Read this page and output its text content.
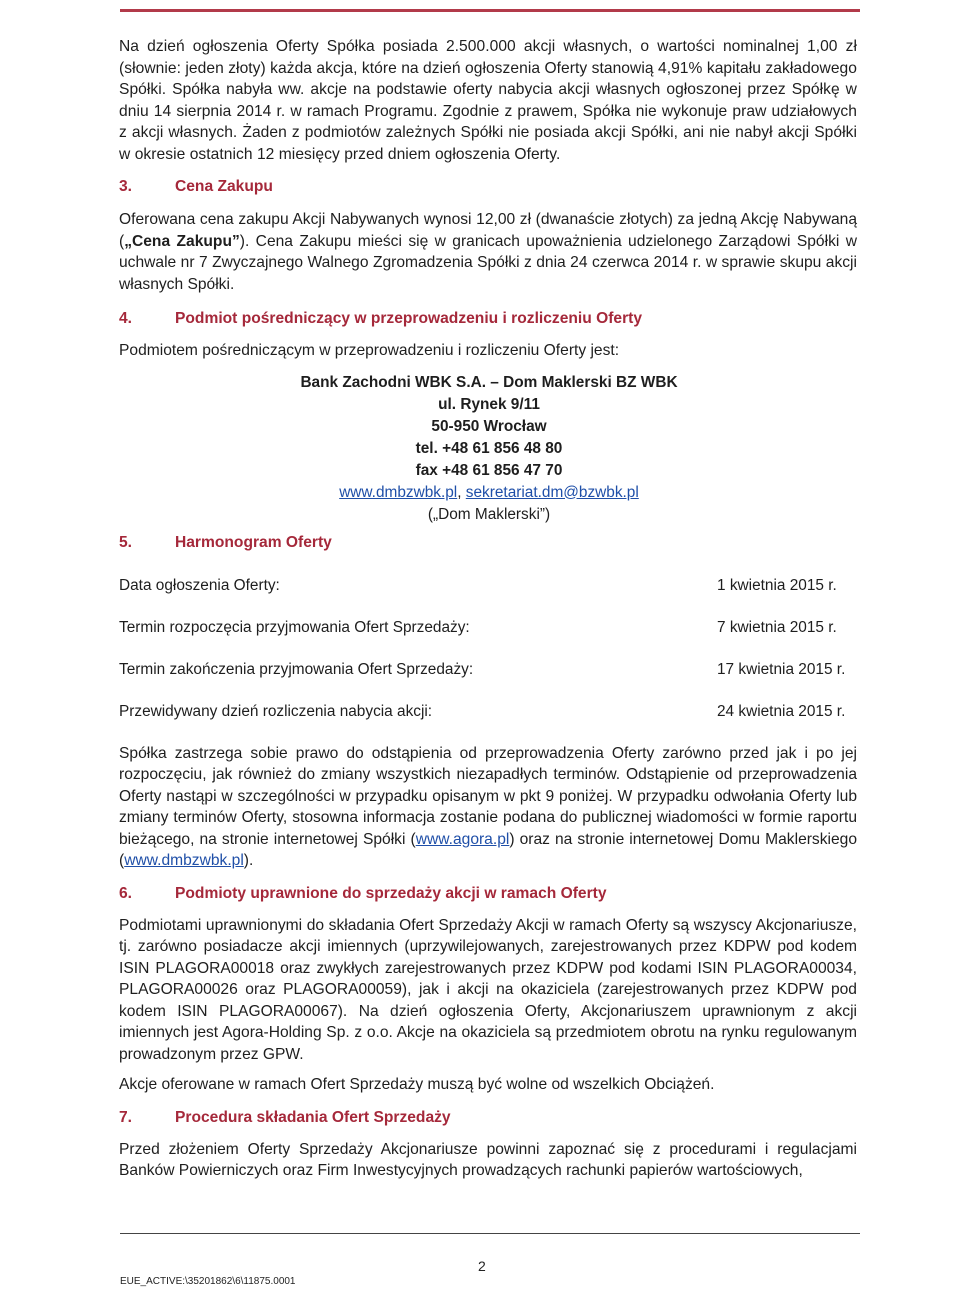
Na dzień ogłoszenia Oferty Spółka posiada 2.500.000 akcji własnych, o wartości nominalnej 1,00 zł (słownie: jeden złoty) każda akcja, które na dzień ogłoszenia Oferty stanowią 4,91% kapitału zakładowego Spółki. Spółka nabyła ww. akcje na podstawie oferty nabycia akcji własnych ogłoszonej przez Spółkę w dniu 14 sierpnia 2014 r. w ramach Programu. Zgodnie z prawem, Spółka nie wykonuje praw udziałowych z akcji własnych. Żaden z podmiotów zależnych Spółki nie posiada akcji Spółki, ani nie nabył akcji Spółki w okresie ostatnich 12 miesięcy przed dniem ogłoszenia Oferty.

3.	Cena Zakupu

Oferowana cena zakupu Akcji Nabywanych wynosi 12,00 zł (dwanaście złotych) za jedną Akcję Nabywaną („Cena Zakupu”). Cena Zakupu mieści się w granicach upoważnienia udzielonego Zarządowi Spółki w uchwale nr 7 Zwyczajnego Walnego Zgromadzenia Spółki z dnia 24 czerwca 2014 r. w sprawie skupu akcji własnych Spółki.

4.	Podmiot pośredniczący w przeprowadzeniu i rozliczeniu Oferty

Podmiotem pośredniczącym w przeprowadzeniu i rozliczeniu Oferty jest:

Bank Zachodni WBK S.A. – Dom Maklerski BZ WBK
ul. Rynek 9/11
50-950 Wrocław
tel. +48 61 856 48 80
fax +48 61 856 47 70
www.dmbzwbk.pl, sekretariat.dm@bzwbk.pl
(„Dom Maklerski”)
5.	Harmonogram Oferty
Data ogłoszenia Oferty:	1 kwietnia 2015 r.
Termin rozpoczęcia przyjmowania Ofert Sprzedaży:	7 kwietnia 2015 r.
Termin zakończenia przyjmowania Ofert Sprzedaży:	17 kwietnia 2015 r.
Przewidywany dzień rozliczenia nabycia akcji:	24 kwietnia 2015 r.

Spółka zastrzega sobie prawo do odstąpienia od przeprowadzenia Oferty zarówno przed jak i po jej rozpoczęciu, jak również do zmiany wszystkich niezapadłych terminów. Odstąpienie od przeprowadzenia Oferty nastąpi w szczególności w przypadku opisanym w pkt 9 poniżej. W przypadku odwołania Oferty lub zmiany terminów Oferty, stosowna informacja zostanie podana do publicznej wiadomości w formie raportu bieżącego, na stronie internetowej Spółki (www.agora.pl) oraz na stronie internetowej Domu Maklerskiego (www.dmbzwbk.pl).

6.	Podmioty uprawnione do sprzedaży akcji w ramach Oferty

Podmiotami uprawnionymi do składania Ofert Sprzedaży Akcji w ramach Oferty są wszyscy Akcjonariusze, tj. zarówno posiadacze akcji imiennych (uprzywilejowanych, zarejestrowanych przez KDPW pod kodem ISIN PLAGORA00018 oraz zwykłych zarejestrowanych przez KDPW pod kodami ISIN PLAGORA00034, PLAGORA00026 oraz PLAGORA00059), jak i akcji na okaziciela (zarejestrowanych przez KDPW pod kodem ISIN PLAGORA00067). Na dzień ogłoszenia Oferty, Akcjonariuszem uprawnionym z akcji imiennych jest Agora-Holding Sp. z o.o. Akcje na okaziciela są przedmiotem obrotu na rynku regulowanym prowadzonym przez GPW.

Akcje oferowane w ramach Ofert Sprzedaży muszą być wolne od wszelkich Obciążeń.

7.	Procedura składania Ofert Sprzedaży

Przed złożeniem Oferty Sprzedaży Akcjonariusze powinni zapoznać się z procedurami i regulacjami Banków Powierniczych oraz Firm Inwestycyjnych prowadzących rachunki papierów wartościowych,

2
EUE_ACTIVE:\35201862\6\11875.0001
